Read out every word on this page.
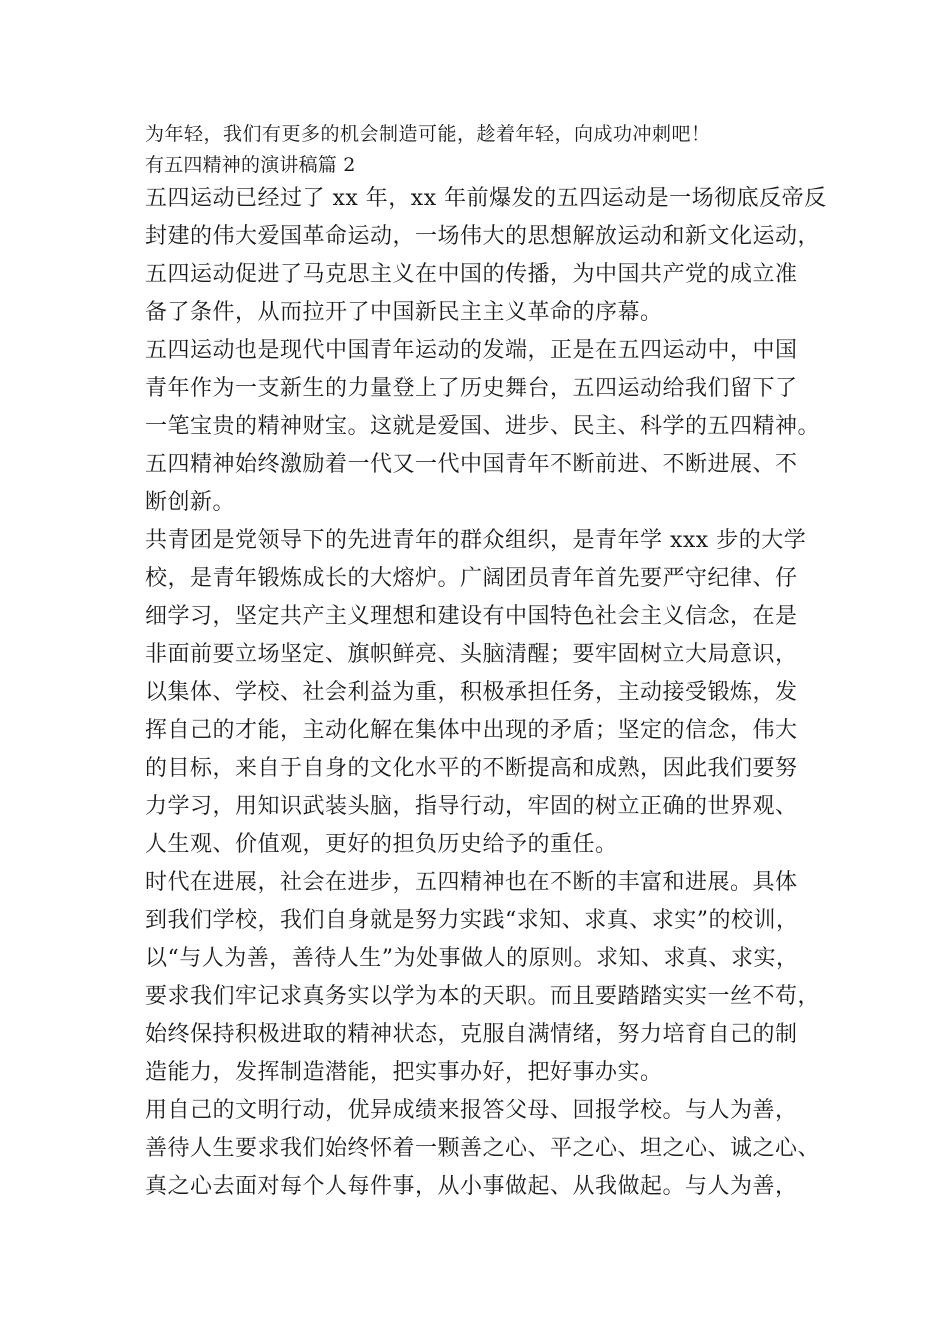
为年轻，我们有更多的机会制造可能，趁着年轻，向成功冲刺吧！
有五四精神的演讲稿篇 2
五四运动已经过了 xx 年，xx 年前爆发的五四运动是一场彻底反帝反
封建的伟大爱国革命运动，一场伟大的思想解放运动和新文化运动，
五四运动促进了马克思主义在中国的传播，为中国共产党的成立准
备了条件，从而拉开了中国新民主主义革命的序幕。
五四运动也是现代中国青年运动的发端，正是在五四运动中，中国
青年作为一支新生的力量登上了历史舞台，五四运动给我们留下了
一笔宝贵的精神财宝。这就是爱国、进步、民主、科学的五四精神。
五四精神始终激励着一代又一代中国青年不断前进、不断进展、不
断创新。
共青团是党领导下的先进青年的群众组织，是青年学 xxx 步的大学
校，是青年锻炼成长的大熔炉。广阔团员青年首先要严守纪律、仔
细学习，坚定共产主义理想和建设有中国特色社会主义信念，在是
非面前要立场坚定、旗帜鲜亮、头脑清醒；要牢固树立大局意识，
以集体、学校、社会利益为重，积极承担任务，主动接受锻炼，发
挥自己的才能，主动化解在集体中出现的矛盾；坚定的信念，伟大
的目标，来自于自身的文化水平的不断提高和成熟，因此我们要努
力学习，用知识武装头脑，指导行动，牢固的树立正确的世界观、
人生观、价值观，更好的担负历史给予的重任。
时代在进展，社会在进步，五四精神也在不断的丰富和进展。具体
到我们学校，我们自身就是努力实践“求知、求真、求实”的校训，
以“与人为善，善待人生”为处事做人的原则。求知、求真、求实，
要求我们牢记求真务实以学为本的天职。而且要踏踏实实一丝不苟，
始终保持积极进取的精神状态，克服自满情绪，努力培育自己的制
造能力，发挥制造潜能，把实事办好，把好事办实。
用自己的文明行动，优异成绩来报答父母、回报学校。与人为善，
善待人生要求我们始终怀着一颗善之心、平之心、坦之心、诚之心、
真之心去面对每个人每件事，从小事做起、从我做起。与人为善，
